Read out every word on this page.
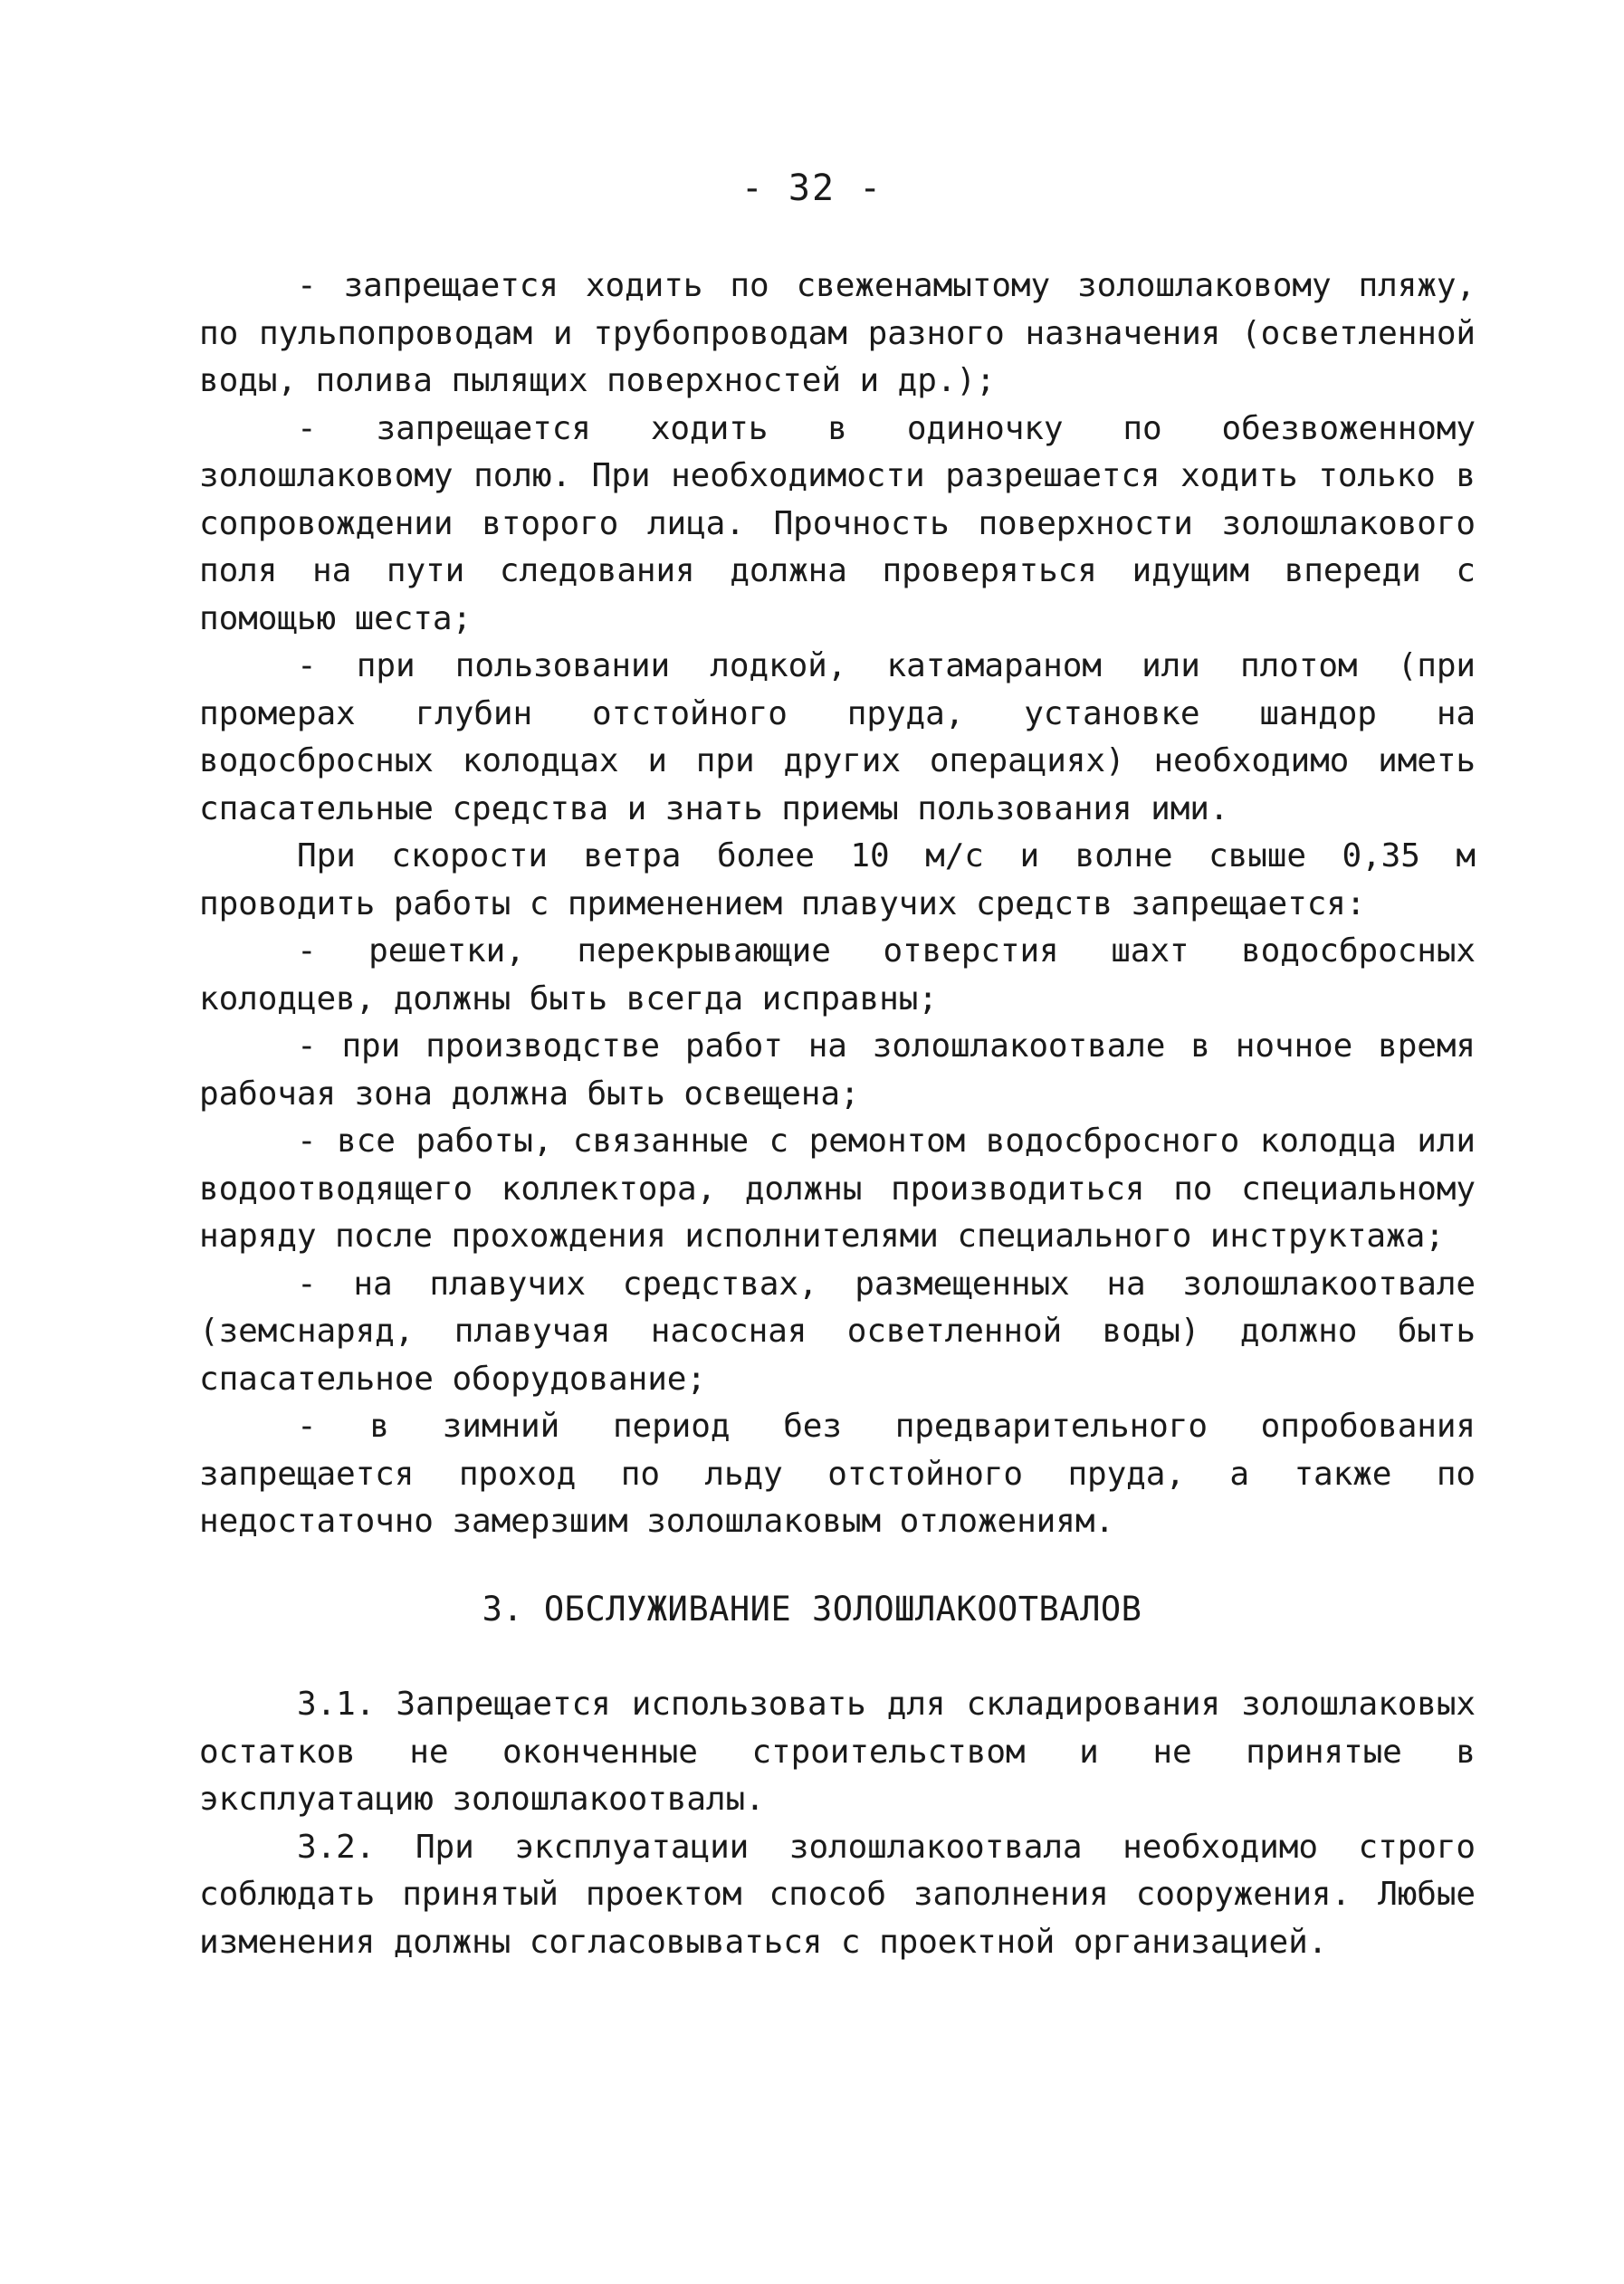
- 32 -

- запрещается ходить по свеженамытому золошлаковому пляжу, по пульпопроводам и трубопроводам разного назначения (осветленной воды, полива пылящих поверхностей и др.);

- запрещается ходить в одиночку по обезвоженному золошлаковому полю. При необходимости разрешается ходить только в сопровождении второго лица. Прочность поверхности золошлакового поля на пути следования должна проверяться идущим впереди с помощью шеста;

- при пользовании лодкой, катамараном или плотом (при промерах глубин отстойного пруда, установке шандор на водосбросных колодцах и при других операциях) необходимо иметь спасательные средства и знать приемы пользования ими.

При скорости ветра более 10 м/с и волне свыше 0,35 м проводить работы с применением плавучих средств запрещается:

- решетки, перекрывающие отверстия шахт водосбросных колодцев, должны быть всегда исправны;

- при производстве работ на золошлакоотвале в ночное время рабочая зона должна быть освещена;

- все работы, связанные с ремонтом водосбросного колодца или водоотводящего коллектора, должны производиться по специальному наряду после прохождения исполнителями специального инструктажа;

- на плавучих средствах, размещенных на золошлакоотвале (земснаряд, плавучая насосная осветленной воды) должно быть спасательное оборудование;

- в зимний период без предварительного опробования запрещается проход по льду отстойного пруда, а также по недостаточно замерзшим золошлаковым отложениям.

3. ОБСЛУЖИВАНИЕ ЗОЛОШЛАКООТВАЛОВ

3.1. Запрещается использовать для складирования золошлаковых остатков не оконченные строительством и не принятые в эксплуатацию золошлакоотвалы.

3.2. При эксплуатации золошлакоотвала необходимо строго соблюдать принятый проектом способ заполнения сооружения. Любые изменения должны согласовываться с проектной организацией.
